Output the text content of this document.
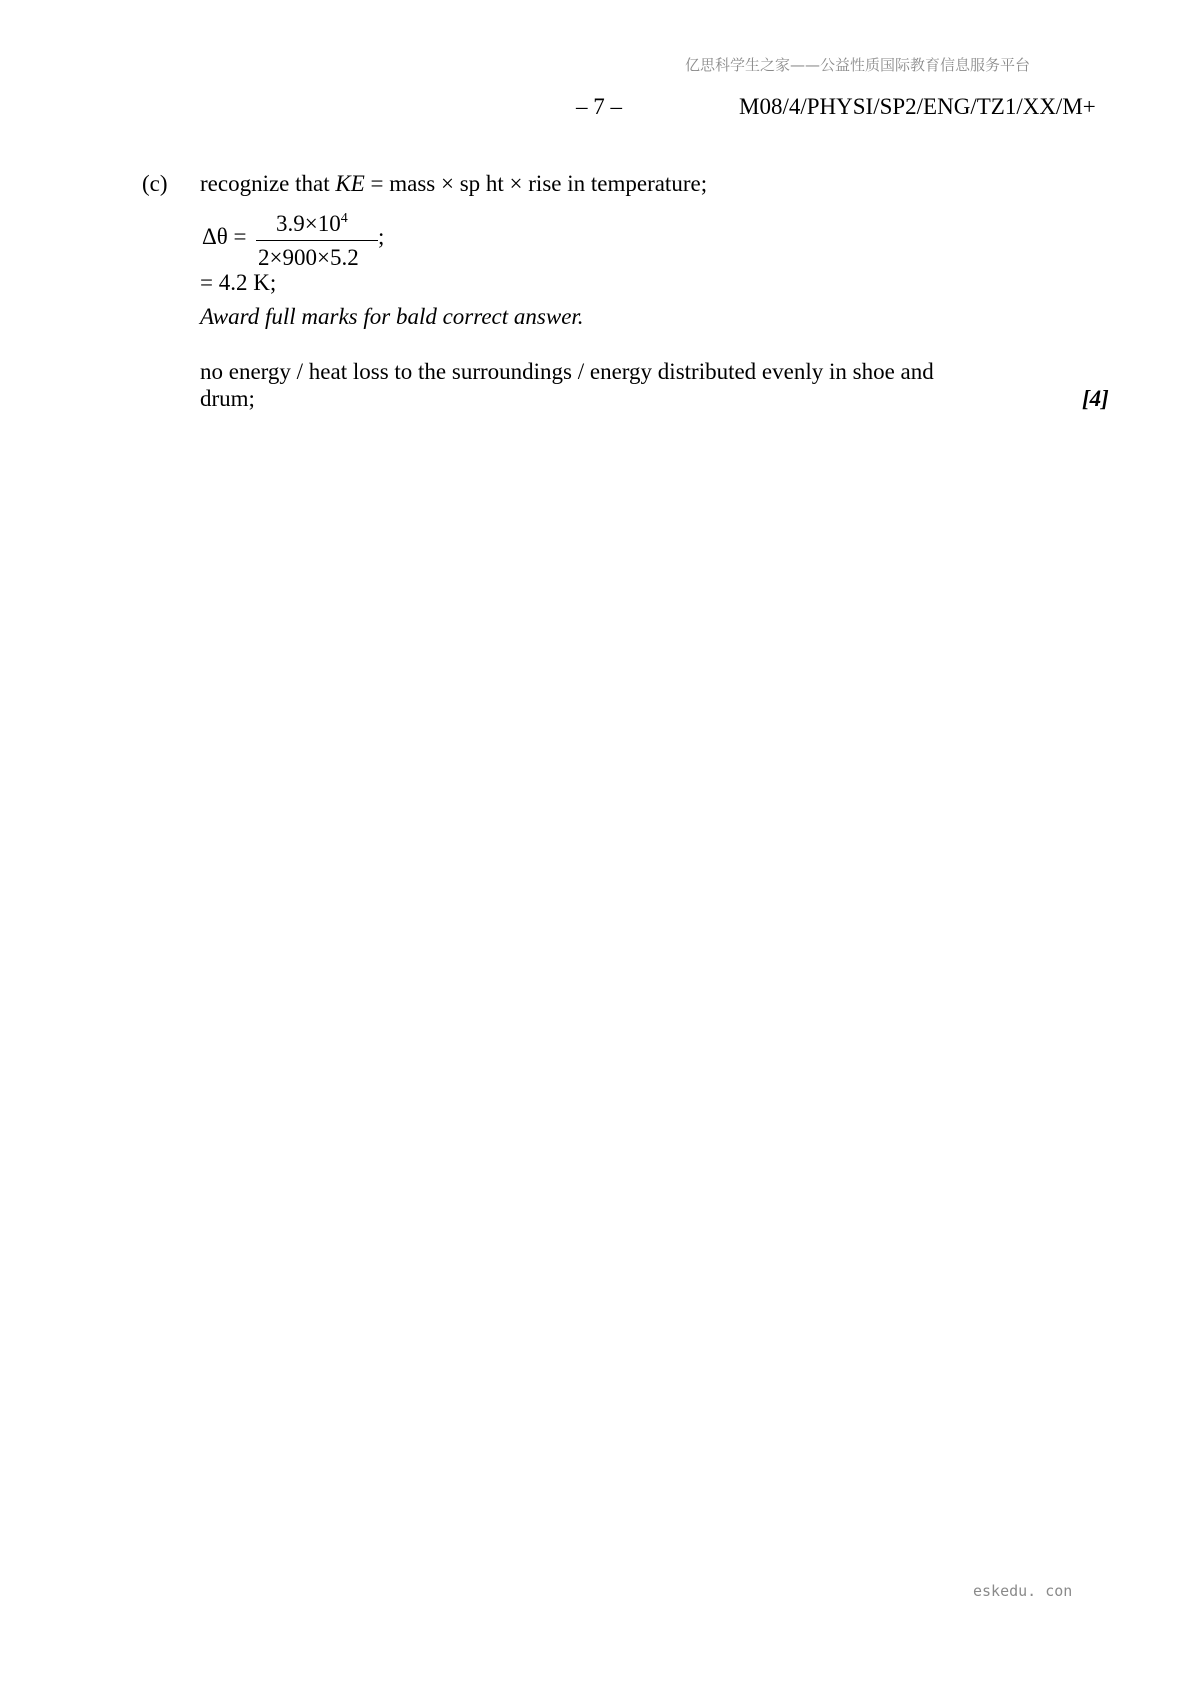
亿思科学生之家——公益性质国际教育信息服务平台
– 7 –	M08/4/PHYSI/SP2/ENG/TZ1/XX/M+
(c) recognize that KE = mass × sp ht × rise in temperature;
Δθ =
$3.9\times 10^4$
2×900×5.2
;
= 4.2 K;
Award full marks for bald correct answer.
no energy / heat loss to the surroundings / energy distributed evenly in shoe and
drum;	[4]
eskedu. con
